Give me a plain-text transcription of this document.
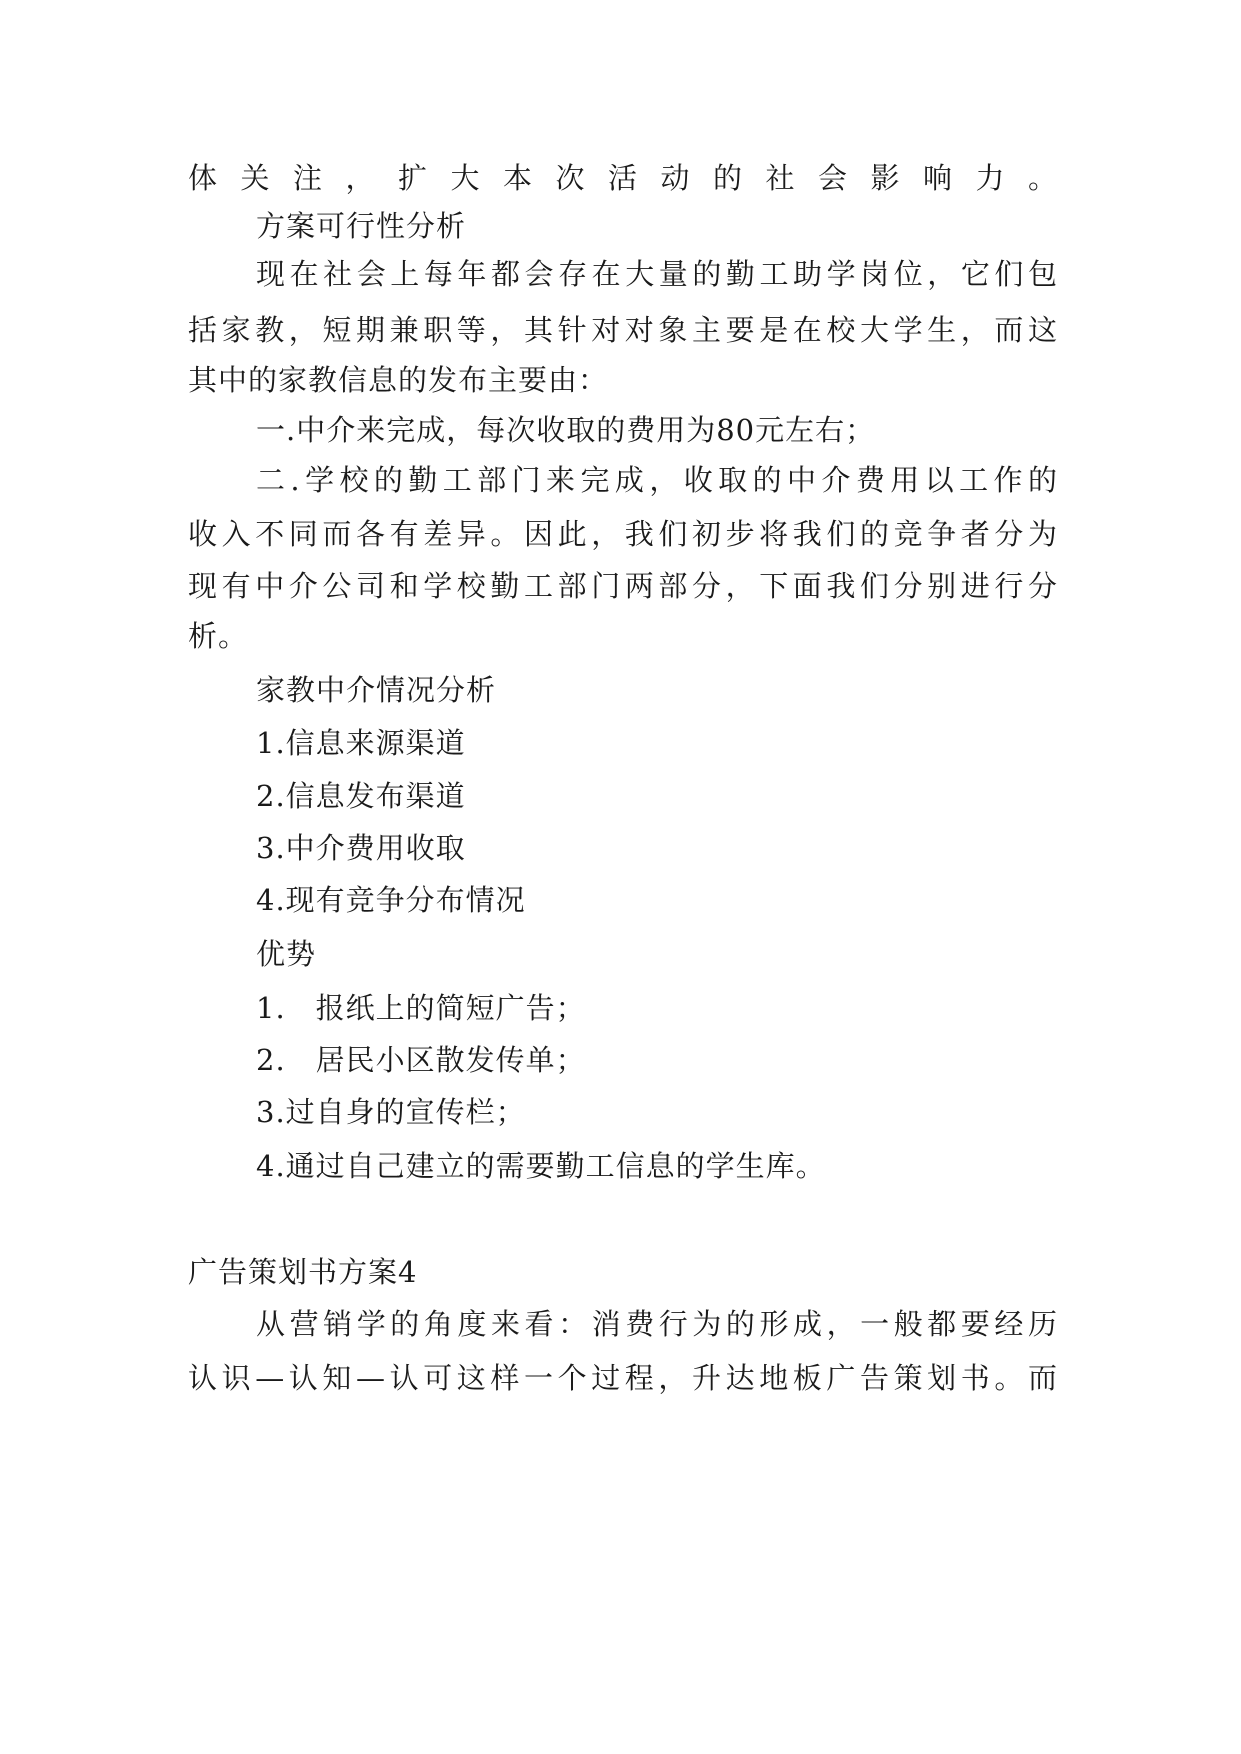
体关注，扩大本次活动的社会影响力。
方案可行性分析
现在社会上每年都会存在大量的勤工助学岗位，它们包
括家教，短期兼职等，其针对对象主要是在校大学生，而这
其中的家教信息的发布主要由：
一.中介来完成，每次收取的费用为80元左右；
二.学校的勤工部门来完成，收取的中介费用以工作的
收入不同而各有差异。因此，我们初步将我们的竞争者分为
现有中介公司和学校勤工部门两部分，下面我们分别进行分
析。
家教中介情况分析
1.信息来源渠道
2.信息发布渠道
3.中介费用收取
4.现有竞争分布情况
优势
1.　报纸上的简短广告；
2.　居民小区散发传单；
3.过自身的宣传栏；
4.通过自己建立的需要勤工信息的学生库。
广告策划书方案4
从营销学的角度来看：消费行为的形成，一般都要经历
认识—认知—认可这样一个过程，升达地板广告策划书。而
